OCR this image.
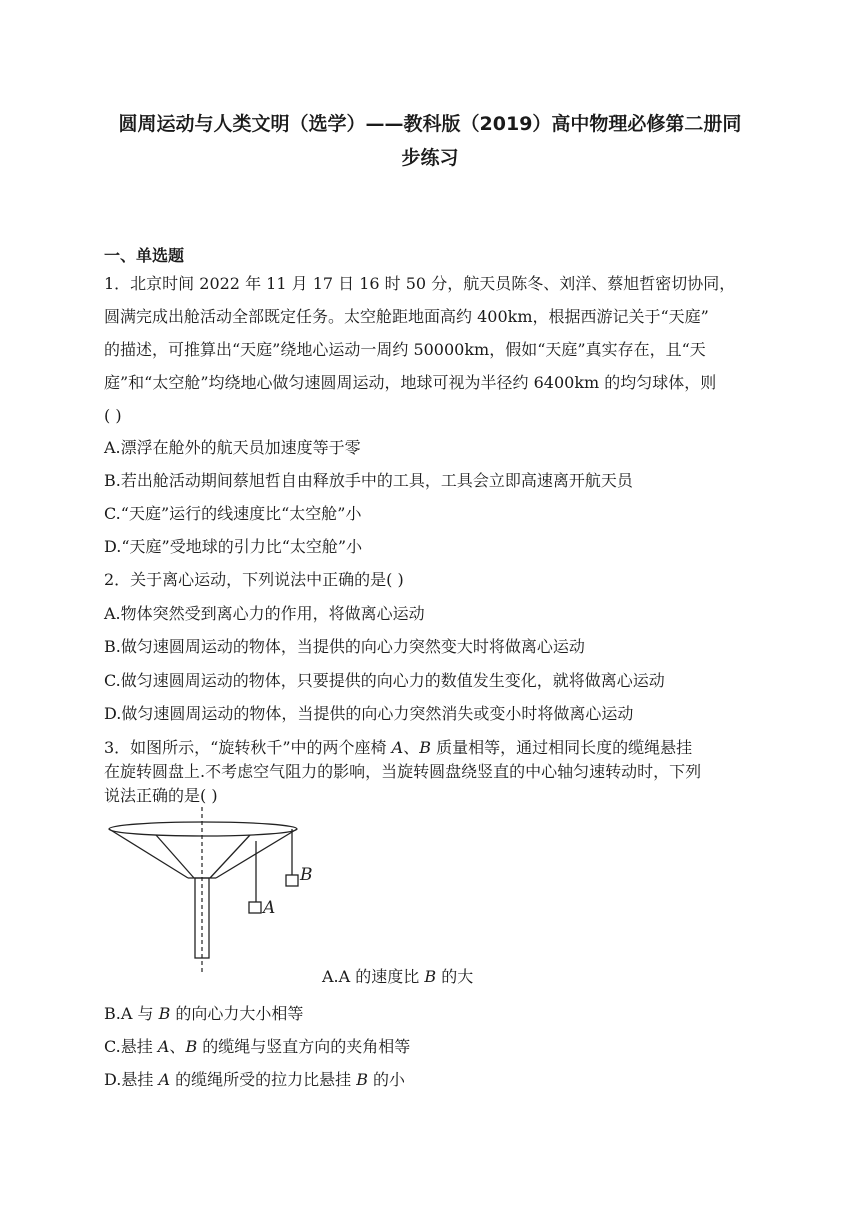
圆周运动与人类文明（选学）——教科版（2019）高中物理必修第二册同
步练习
一、单选题
1．北京时间 2022 年 11 月 17 日 16 时 50 分，航天员陈冬、刘洋、蔡旭哲密切协同，
圆满完成出舱活动全部既定任务。太空舱距地面高约 400km，根据西游记关于“天庭”
的描述，可推算出“天庭”绕地心运动一周约 50000km，假如“天庭”真实存在，且“天
庭”和“太空舱”均绕地心做匀速圆周运动，地球可视为半径约 6400km 的均匀球体，则
( )
A.漂浮在舱外的航天员加速度等于零
B.若出舱活动期间蔡旭哲自由释放手中的工具，工具会立即高速离开航天员
C.“天庭”运行的线速度比“太空舱”小
D.“天庭”受地球的引力比“太空舱”小
2．关于离心运动，下列说法中正确的是( )
A.物体突然受到离心力的作用，将做离心运动
B.做匀速圆周运动的物体，当提供的向心力突然变大时将做离心运动
C.做匀速圆周运动的物体，只要提供的向心力的数值发生变化，就将做离心运动
D.做匀速圆周运动的物体，当提供的向心力突然消失或变小时将做离心运动
3．如图所示，“旋转秋千”中的两个座椅 A、B 质量相等，通过相同长度的缆绳悬挂
在旋转圆盘上.不考虑空气阻力的影响，当旋转圆盘绕竖直的中心轴匀速转动时，下列
说法正确的是( )
A
B
A.A 的速度比 B 的大
B.A 与 B 的向心力大小相等
C.悬挂 A、B 的缆绳与竖直方向的夹角相等
D.悬挂 A 的缆绳所受的拉力比悬挂 B 的小
